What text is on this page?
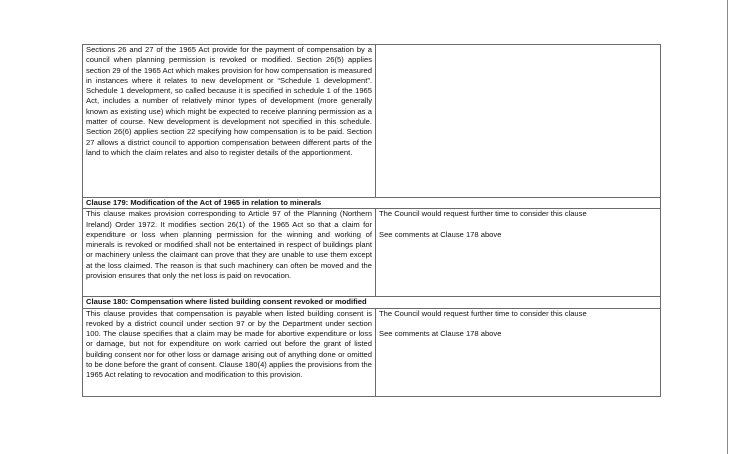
Sections 26 and 27 of the 1965 Act provide for the payment of compensation by a council when planning permission is revoked or modified. Section 26(5) applies section 29 of the 1965 Act which makes provision for how compensation is measured in instances where it relates to new development or “Schedule 1 development”. Schedule 1 development, so called because it is specified in schedule 1 of the 1965 Act, includes a number of relatively minor types of development (more generally known as existing use) which might be expected to receive planning permission as a matter of course. New development is development not specified in this schedule. Section 26(6) applies section 22 specifying how compensation is to be paid. Section 27 allows a district council to apportion compensation between different parts of the land to which the claim relates and also to register details of the apportionment.	
Clause 179: Modification of the Act of 1965 in relation to minerals	
This clause makes provision corresponding to Article 97 of the Planning (Northern Ireland) Order 1972. It modifies section 26(1) of the 1965 Act so that a claim for expenditure or loss when planning permission for the winning and working of minerals is revoked or modified shall not be entertained in respect of buildings plant or machinery unless the claimant can prove that they are unable to use them except at the loss claimed. The reason is that such machinery can often be moved and the provision ensures that only the net loss is paid on revocation.	The Council would request further time to consider this clause

See comments at Clause 178 above

Clause 180: Compensation where listed building consent revoked or modified	
This clause provides that compensation is payable when listed building consent is revoked by a district council under section 97 or by the Department under section 100. The clause specifies that a claim may be made for abortive expenditure or loss or damage, but not for expenditure on work carried out before the grant of listed building consent nor for other loss or damage arising out of anything done or omitted to be done before the grant of consent. Clause 180(4) applies the provisions from the 1965 Act relating to revocation and modification to this provision.	The Council would request further time to consider this clause

See comments at Clause 178 above
